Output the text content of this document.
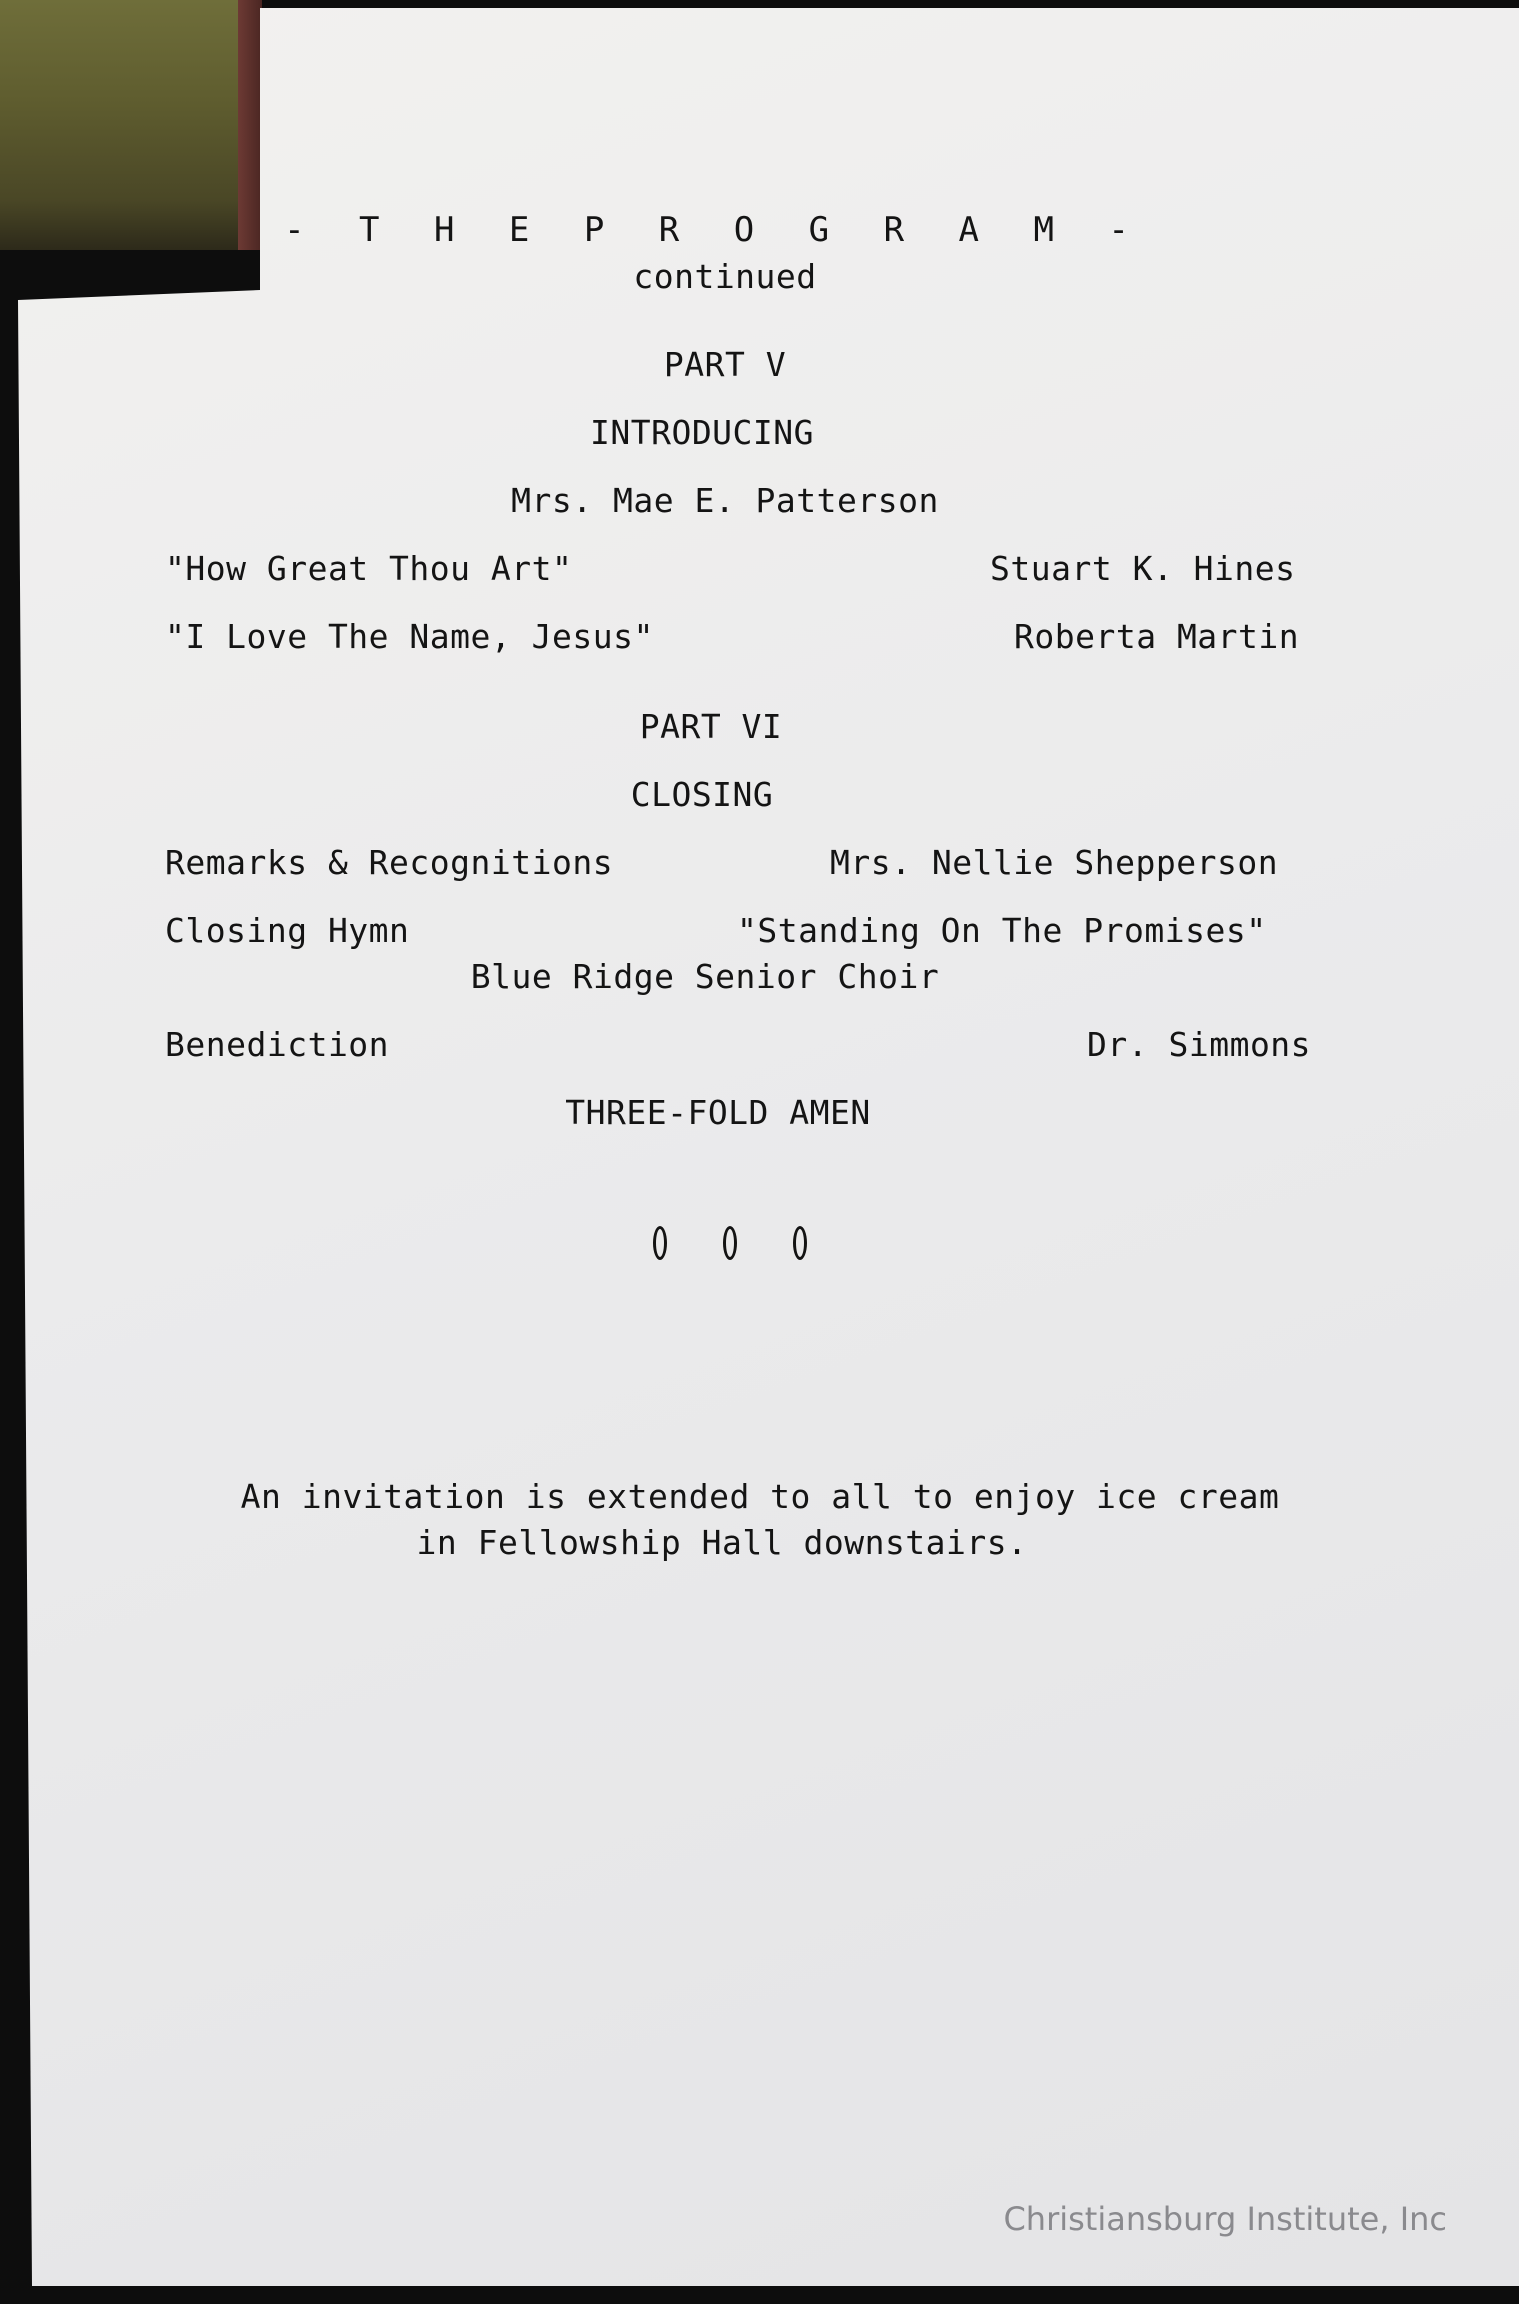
- T H E P R O G R A M -
continued
PART V
INTRODUCING
Mrs. Mae E. Patterson
"How Great Thou Art"	Stuart K. Hines
"I Love The Name, Jesus"	Roberta Martin
PART VI
CLOSING
Remarks & Recognitions	Mrs. Nellie Shepperson
Closing Hymn	"Standing On The Promises"
Blue Ridge Senior Choir
Benediction	Dr. Simmons
THREE-FOLD AMEN
An invitation is extended to all to enjoy ice cream
in Fellowship Hall downstairs.
Christiansburg Institute, Inc
